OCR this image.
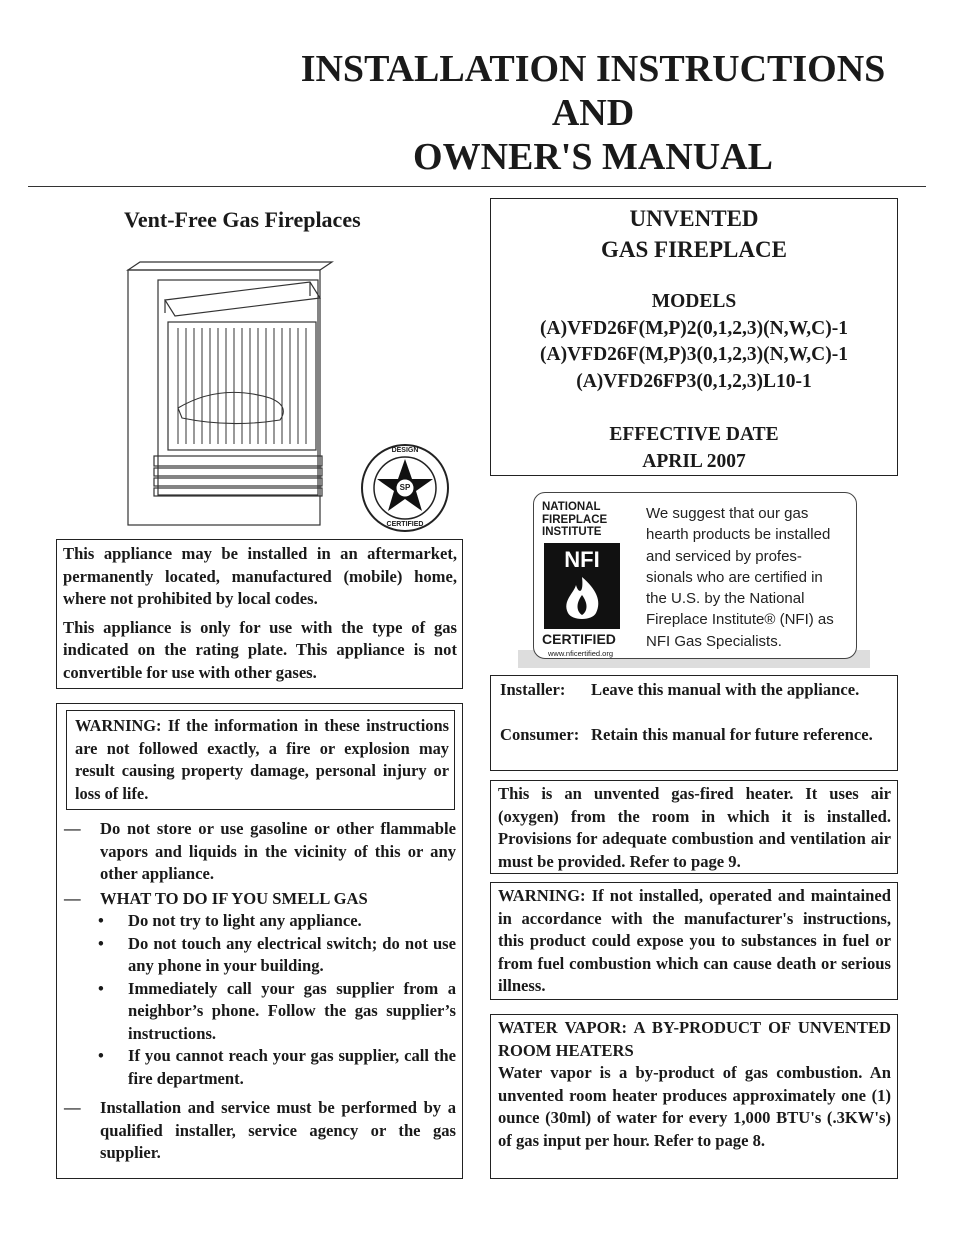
INSTALLATION INSTRUCTIONS
AND
OWNER'S MANUAL
Vent-Free Gas Fireplaces
DESIGN
SP
CERTIFIED
This appliance may be installed in an aftermarket, permanently located, manufactured (mobile) home, where not prohibited by local codes.
This appliance is only for use with the type of gas indicated on the rating plate. This appliance is not convertible for use with other gases.
WARNING: If the information in these instructions are not followed exactly, a fire or explosion may result causing property damage, personal injury or loss of life.
— Do not store or use gasoline or other flammable vapors and liquids in the vicinity of this or any other appliance.
— WHAT TO DO IF YOU SMELL GAS
• Do not try to light any appliance.
• Do not touch any electrical switch; do not use any phone in your building.
• Immediately call your gas supplier from a neighbor’s phone. Follow the gas supplier’s instructions.
• If you cannot reach your gas supplier, call the fire department.
— Installation and service must be performed by a qualified installer, service agency or the gas supplier.
UNVENTED
GAS FIREPLACE
MODELS
(A)VFD26F(M,P)2(0,1,2,3)(N,W,C)-1
(A)VFD26F(M,P)3(0,1,2,3)(N,W,C)-1
(A)VFD26FP3(0,1,2,3)L10-1
EFFECTIVE DATE
APRIL 2007
NATIONAL
FIREPLACE
INSTITUTE
NFI
CERTIFIED
www.nficertified.org
We suggest that our gas
hearth products be installed
and serviced by profes-
sionals who are certified in
the U.S. by the National
Fireplace Institute® (NFI) as
NFI Gas Specialists.
Installer: Leave this manual with the appliance.
Consumer: Retain this manual for future reference.
This is an unvented gas-fired heater. It uses air (oxygen) from the room in which it is installed. Provisions for adequate combustion and ventilation air must be provided. Refer to page 9.
WARNING: If not installed, operated and maintained in accordance with the manufacturer's instructions, this product could expose you to substances in fuel or from fuel combustion which can cause death or serious illness.
WATER VAPOR: A BY-PRODUCT OF UNVENTED ROOM HEATERS
Water vapor is a by-product of gas combustion. An unvented room heater produces approximately one (1) ounce (30ml) of water for every 1,000 BTU's (.3KW's) of gas input per hour. Refer to page 8.
